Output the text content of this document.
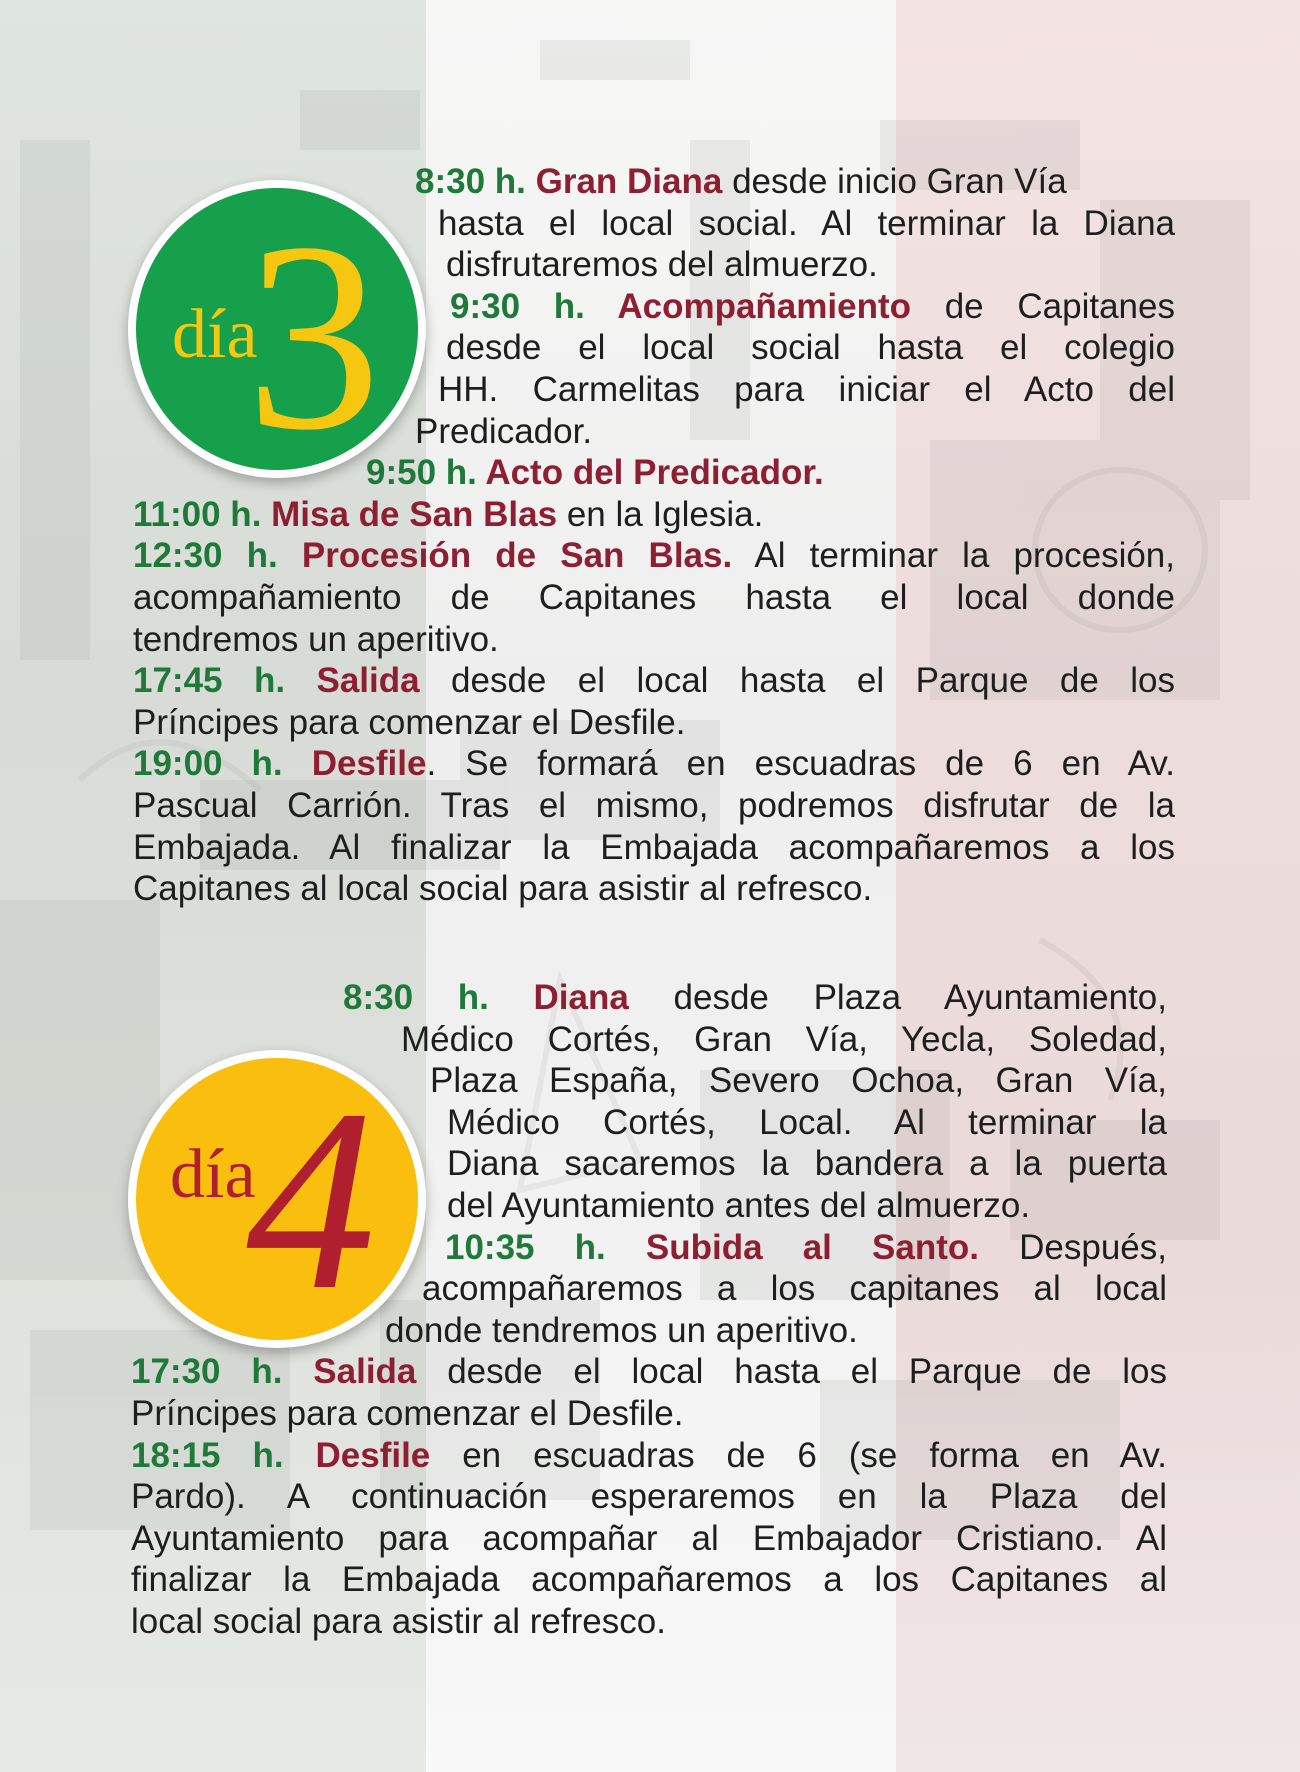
día
3
día
4

8:30 h. Gran Diana desde inicio Gran Vía

hasta el local social. Al terminar la Diana

disfrutaremos del almuerzo.

9:30 h. Acompañamiento de Capitanes

desde el local social hasta el colegio

HH. Carmelitas para iniciar el Acto del

Predicador.

9:50 h. Acto del Predicador.

11:00 h. Misa de San Blas en la Iglesia.

12:30 h. Procesión de San Blas. Al terminar la procesión,

acompañamiento de Capitanes hasta el local donde

tendremos un aperitivo.

17:45 h. Salida desde el local hasta el Parque de los

Príncipes para comenzar el Desfile.

19:00 h. Desfile. Se formará en escuadras de 6 en Av.

Pascual Carrión. Tras el mismo, podremos disfrutar de la

Embajada. Al finalizar la Embajada acompañaremos a los

Capitanes al local social para asistir al refresco.

8:30 h. Diana desde Plaza Ayuntamiento,

Médico Cortés, Gran Vía, Yecla, Soledad,

Plaza España, Severo Ochoa, Gran Vía,

Médico Cortés, Local. Al terminar la

Diana sacaremos la bandera a la puerta

del Ayuntamiento antes del almuerzo.

10:35 h. Subida al Santo. Después,

acompañaremos a los capitanes al local

donde tendremos un aperitivo.

17:30 h. Salida desde el local hasta el Parque de los

Príncipes para comenzar el Desfile.

18:15 h. Desfile en escuadras de 6 (se forma en Av.

Pardo). A continuación esperaremos en la Plaza del

Ayuntamiento para acompañar al Embajador Cristiano. Al

finalizar la Embajada acompañaremos a los Capitanes al

local social para asistir al refresco.
